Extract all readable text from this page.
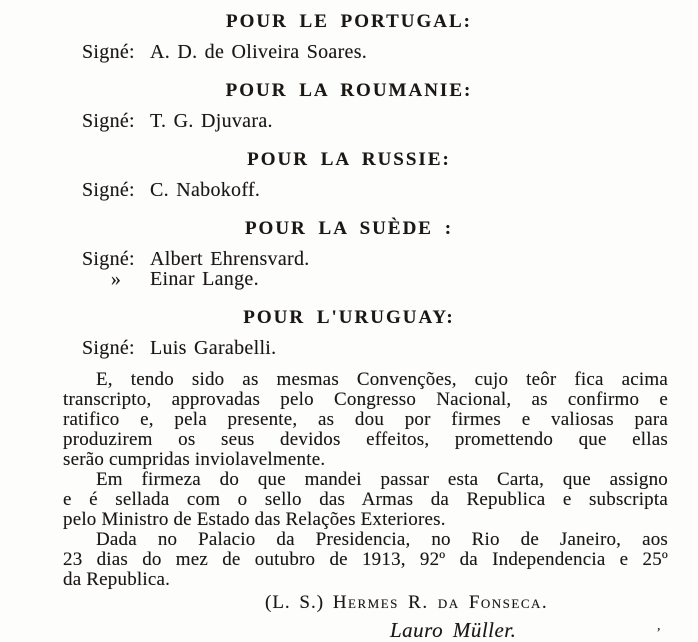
POUR LE PORTUGAL:
Signé: A. D. de Oliveira Soares.
POUR LA ROUMANIE:
Signé: T. G. Djuvara.
POUR LA RUSSIE:
Signé: C. Nabokoff.
POUR LA SUÈDE :
Signé: Albert Ehrensvard.
» Einar Lange.
POUR L'URUGUAY:
Signé: Luis Garabelli.
E, tendo sido as mesmas Convenções, cujo teôr fica acima
transcripto, approvadas pelo Congresso Nacional, as confirmo e
ratifico e, pela presente, as dou por firmes e valiosas para
produzirem os seus devidos effeitos, promettendo que ellas
serão cumpridas inviolavelmente.
Em firmeza do que mandei passar esta Carta, que assigno
e é sellada com o sello das Armas da Republica e subscripta
pelo Ministro de Estado das Relações Exteriores.
Dada no Palacio da Presidencia, no Rio de Janeiro, aos
23 dias do mez de outubro de 1913, 92º da Independencia e 25º
da Republica.
(L. S.) Hermes R. da Fonseca.
Lauro Müller.	’
